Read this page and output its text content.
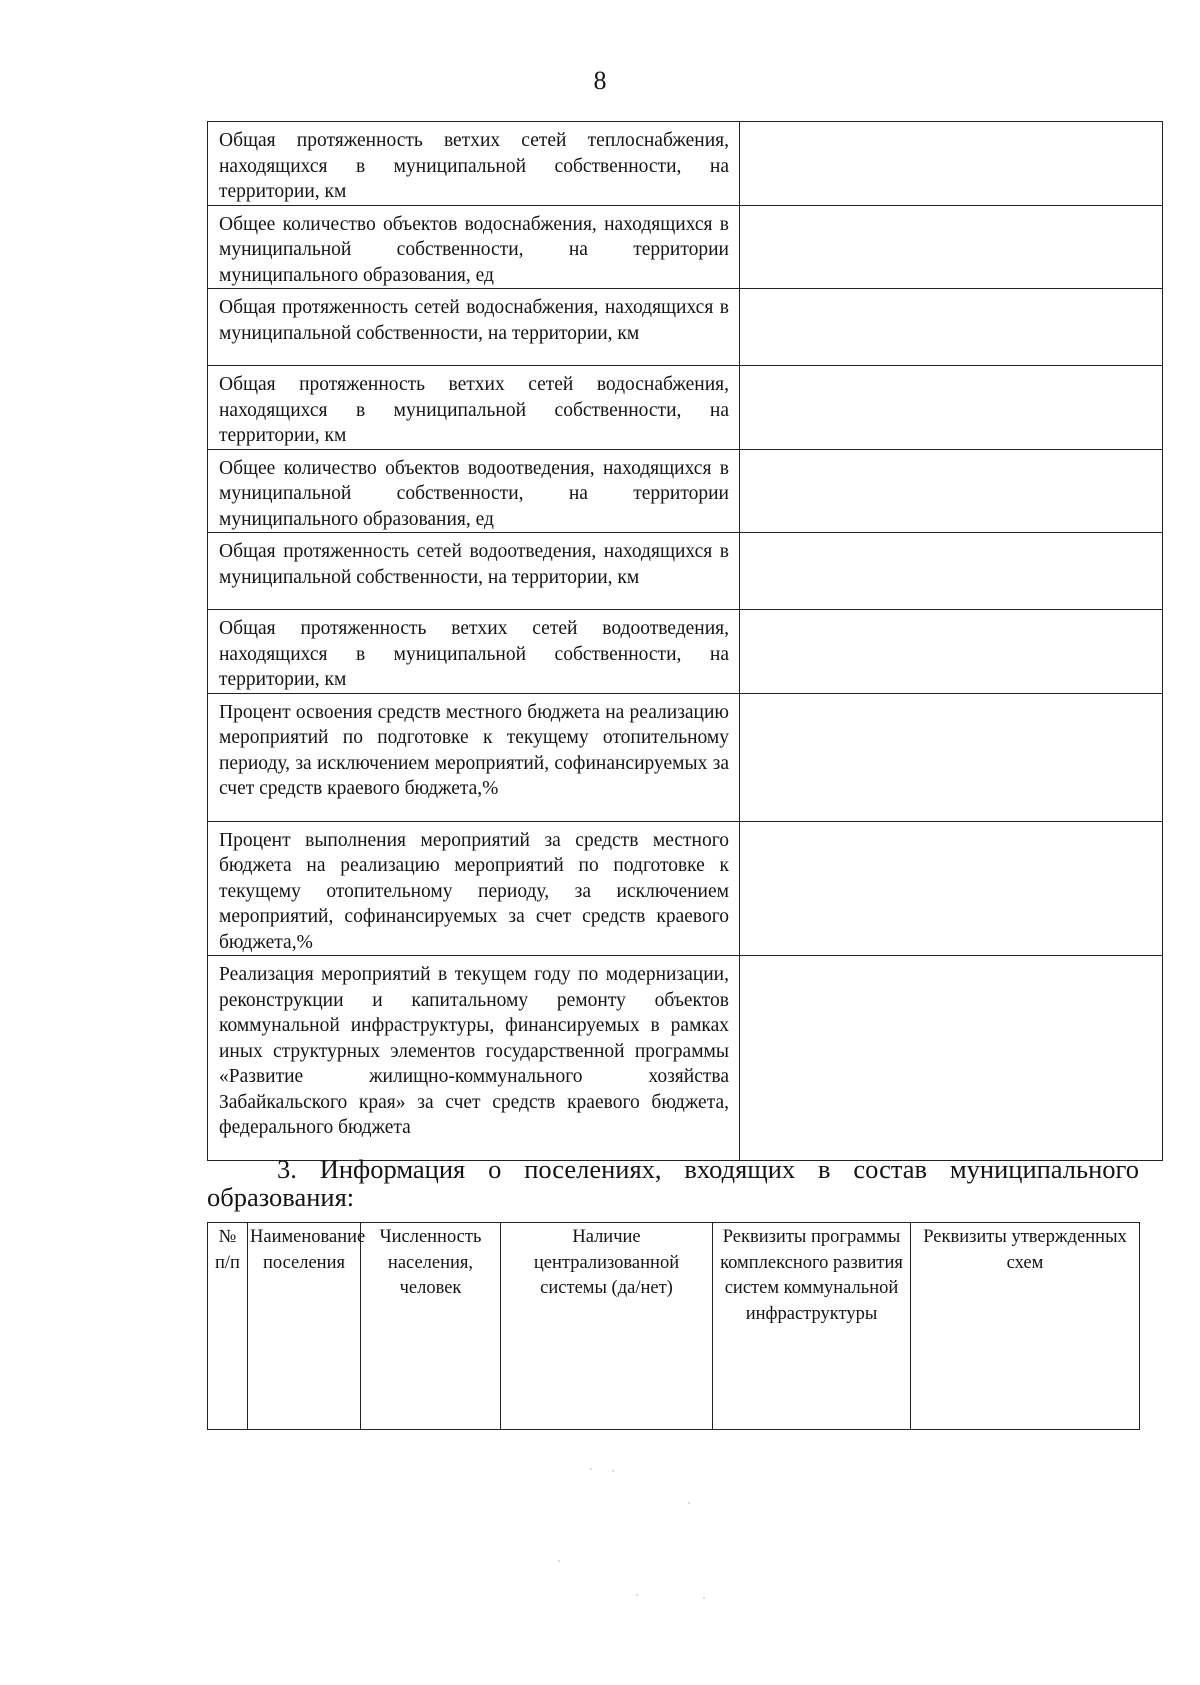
8
Общая протяженность ветхих сетей теплоснабжения, находящихся в муниципальной собственности, на территории, км	
Общее количество объектов водоснабжения, находящихся в муниципальной собственности, на территории муниципального образования, ед	
Общая протяженность сетей водоснабжения, находящихся в муниципальной собственности, на территории, км	
Общая протяженность ветхих сетей водоснабжения, находящихся в муниципальной собственности, на территории, км	
Общее количество объектов водоотведения, находящихся в муниципальной собственности, на территории муниципального образования, ед	
Общая протяженность сетей водоотведения, находящихся в муниципальной собственности, на территории, км	
Общая протяженность ветхих сетей водоотведения, находящихся в муниципальной собственности, на территории, км	
Процент освоения средств местного бюджета на реализацию мероприятий по подготовке к текущему отопительному периоду, за исключением мероприятий, софинансируемых за счет средств краевого бюджета,%	
Процент выполнения мероприятий за средств местного бюджета на реализацию мероприятий по подготовке к текущему отопительному периоду, за исключением мероприятий, софинансируемых за счет средств краевого бюджета,%	
Реализация мероприятий в текущем году по модернизации, реконструкции и капитальному ремонту объектов коммунальной инфраструктуры, финансируемых в рамках иных структурных элементов государственной программы «Развитие жилищно-коммунального хозяйства Забайкальского края» за счет средств краевого бюджета, федерального бюджета	
3. Информация о поселениях, входящих в состав муниципального образования:
№ п/п	Наименование поселения	Численность населения, человек	Наличие централизованной системы (да/нет)	Реквизиты программы комплексного развития систем коммунальной инфраструктуры	Реквизиты утвержденных схем
